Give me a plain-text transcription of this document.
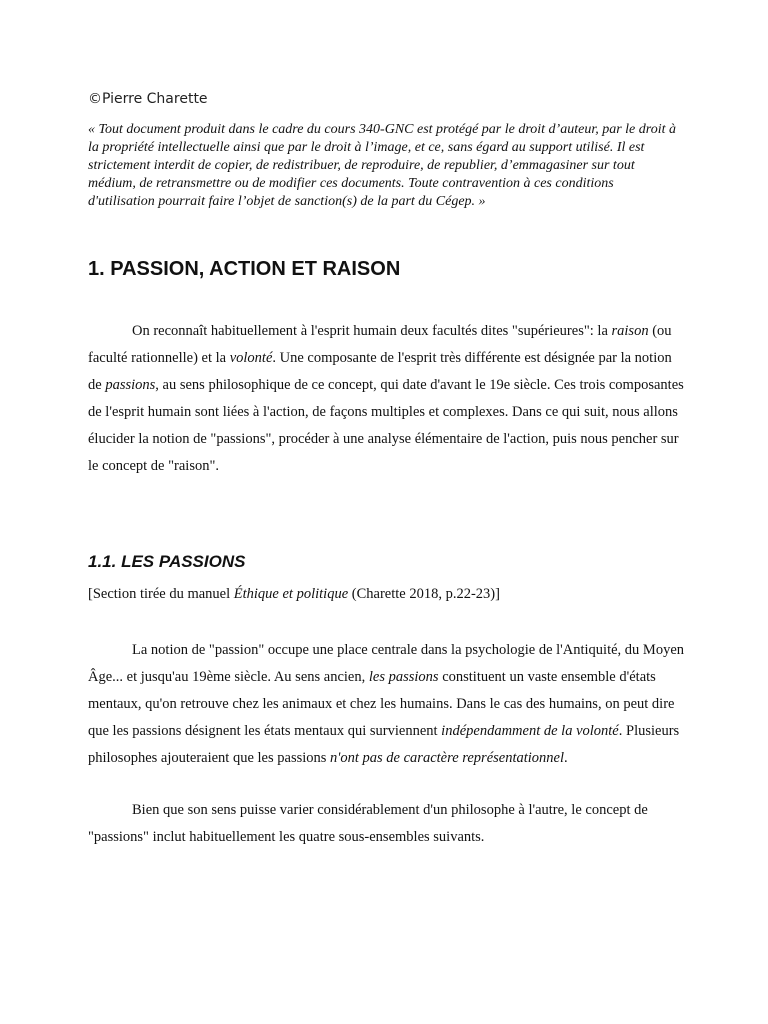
©Pierre Charette
« Tout document produit dans le cadre du cours 340-GNC est protégé par le droit d’auteur, par le droit à la propriété intellectuelle ainsi que par le droit à l’image, et ce, sans égard au support utilisé. Il est strictement interdit de copier, de redistribuer, de reproduire, de republier, d’emmagasiner sur tout médium, de retransmettre ou de modifier ces documents. Toute contravention à ces conditions d'utilisation pourrait faire l’objet de sanction(s) de la part du Cégep. »
1. PASSION, ACTION ET RAISON

On reconnaît habituellement à l'esprit humain deux facultés dites "supérieures": la raison (ou faculté rationnelle) et la volonté. Une composante de l'esprit très différente est désignée par la notion de passions, au sens philosophique de ce concept, qui date d'avant le 19e siècle. Ces trois composantes de l'esprit humain sont liées à l'action, de façons multiples et complexes. Dans ce qui suit, nous allons élucider la notion de "passions", procéder à une analyse élémentaire de l'action, puis nous pencher sur le concept de "raison".

1.1. LES PASSIONS

[Section tirée du manuel Éthique et politique (Charette 2018, p.22-23)]

La notion de "passion" occupe une place centrale dans la psychologie de l'Antiquité, du Moyen Âge... et jusqu'au 19ème siècle. Au sens ancien, les passions constituent un vaste ensemble d'états mentaux, qu'on retrouve chez les animaux et chez les humains. Dans le cas des humains, on peut dire que les passions désignent les états mentaux qui surviennent indépendamment de la volonté. Plusieurs philosophes ajouteraient que les passions n'ont pas de caractère représentationnel.

Bien que son sens puisse varier considérablement d'un philosophe à l'autre, le concept de "passions" inclut habituellement les quatre sous-ensembles suivants.
